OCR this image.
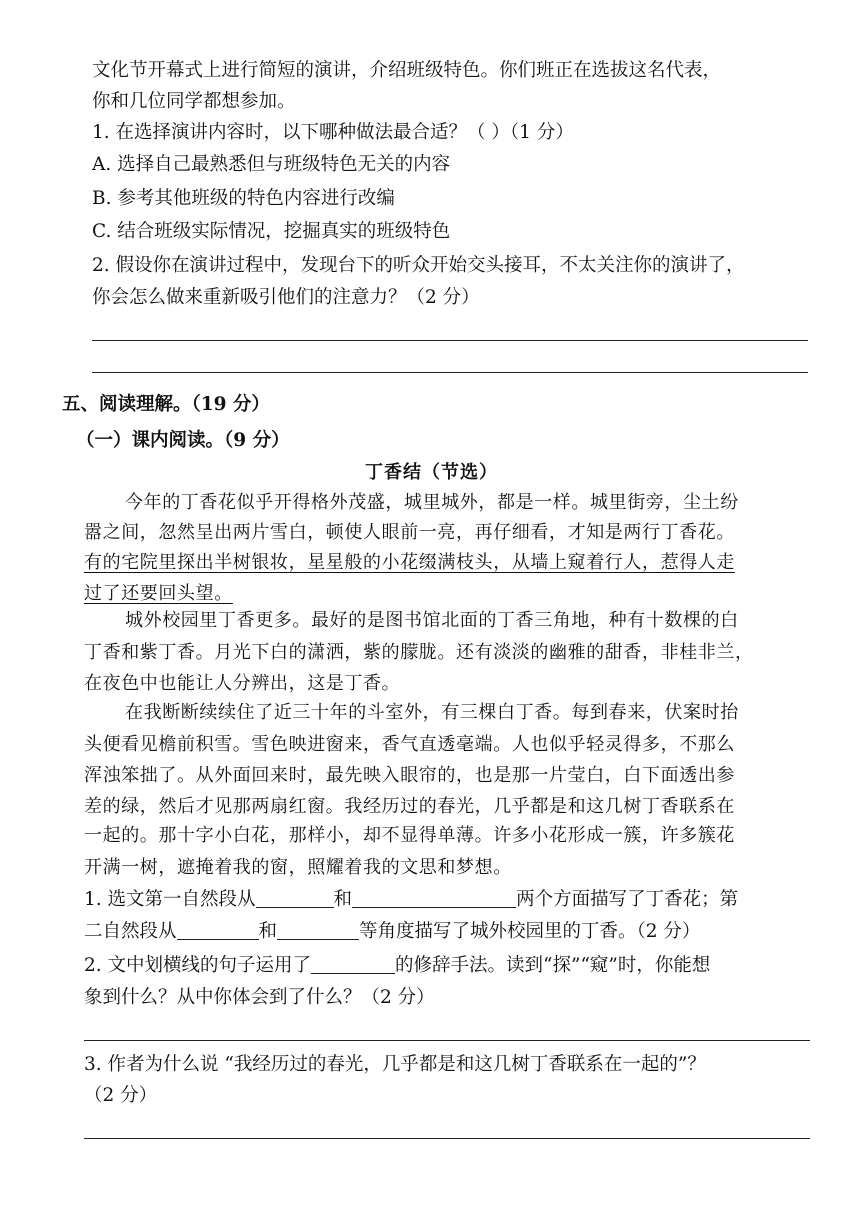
文化节开幕式上进行简短的演讲，介绍班级特色。你们班正在选拔这名代表，
你和几位同学都想参加。
1. 在选择演讲内容时，以下哪种做法最合适？（ ）（1 分）
A. 选择自己最熟悉但与班级特色无关的内容
B. 参考其他班级的特色内容进行改编
C. 结合班级实际情况，挖掘真实的班级特色
2. 假设你在演讲过程中，发现台下的听众开始交头接耳，不太关注你的演讲了，
你会怎么做来重新吸引他们的注意力？（2 分）
五、阅读理解。（19 分）
（一）课内阅读。（9 分）
丁香结（节选）
今年的丁香花似乎开得格外茂盛，城里城外，都是一样。城里街旁，尘土纷
嚣之间，忽然呈出两片雪白，顿使人眼前一亮，再仔细看，才知是两行丁香花。
有的宅院里探出半树银妆，星星般的小花缀满枝头，从墙上窥着行人，惹得人走
过了还要回头望。
城外校园里丁香更多。最好的是图书馆北面的丁香三角地，种有十数棵的白
丁香和紫丁香。月光下白的潇洒，紫的朦胧。还有淡淡的幽雅的甜香，非桂非兰，
在夜色中也能让人分辨出，这是丁香。
在我断断续续住了近三十年的斗室外，有三棵白丁香。每到春来，伏案时抬
头便看见檐前积雪。雪色映进窗来，香气直透毫端。人也似乎轻灵得多，不那么
浑浊笨拙了。从外面回来时，最先映入眼帘的，也是那一片莹白，白下面透出参
差的绿，然后才见那两扇红窗。我经历过的春光，几乎都是和这几树丁香联系在
一起的。那十字小白花，那样小，却不显得单薄。许多小花形成一簇，许多簇花
开满一树，遮掩着我的窗，照耀着我的文思和梦想。
1. 选文第一自然段从	和	两个方面描写了丁香花；第
二自然段从	和	等角度描写了城外校园里的丁香。（2 分）
2. 文中划横线的句子运用了	的修辞手法。读到“探”“窥”时，你能想
象到什么？从中你体会到了什么？（2 分）
3. 作者为什么说 “我经历过的春光，几乎都是和这几树丁香联系在一起的”？
（2 分）
